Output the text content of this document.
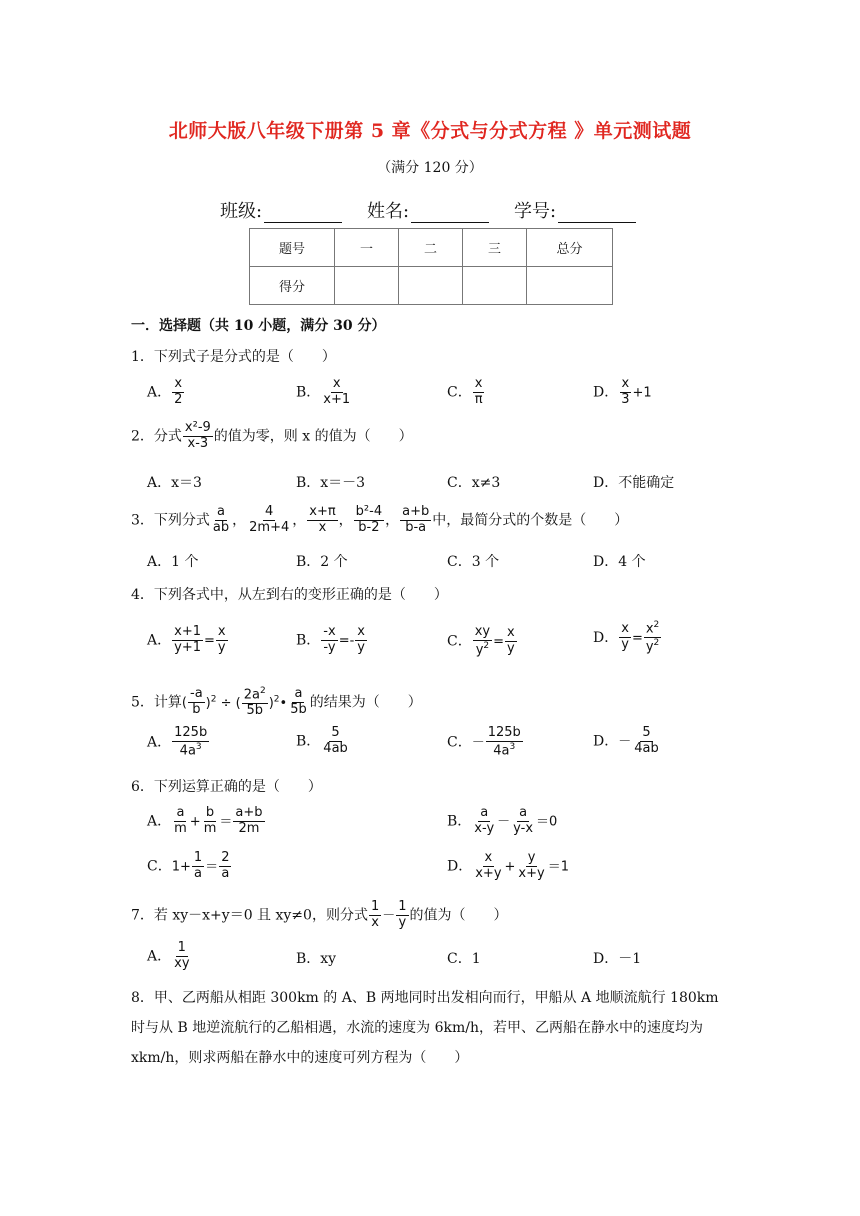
北师大版八年级下册第 5 章《分式与分式方程 》单元测试题
（满分 120 分）
班级:	姓名:	学号:
题号	一	二	三	总分
得分				
一．选择题（共 10 小题，满分 30 分）
1．下列式子是分式的是（　　）
A． $\frac{x}{2}$	B． $\frac{x}{x+1}$	C． $\frac{x}{\pi}$	D． $\frac{x}{3} +1$
2．分式 $\frac{\text{x²-9}}{x-3}$ 的值为零，则 x 的值为（　　）
A．x＝3	B．x＝－3	C．x≠3	D．不能确定
3．下列分式 $\frac{a}{ab}$ ， $\frac{4}{2m+4}$ ， $\frac{x+\pi}{x}$ ， $\frac{\text{b²-4}}{b-2}$ ， $\frac{a+b}{b-a}$ 中，最简分式的个数是（　　）
A．1 个	B．2 个	C．3 个	D．4 个
4．下列各式中，从左到右的变形正确的是（　　）
A． $\frac{x+1}{y+1} = \frac{x}{y}$	B． $\frac{-x}{-y} =- \frac{x}{y}$	C． $\frac{xy}{y^2} = \frac{x}{y}$	D． $\frac{x}{y} = \frac{x^2}{y^2}$
5．计算( $\frac{-a}{b} )^2$ ÷ ( $\frac{2a^2}{5b}$ )$^2$• $\frac{a}{5b}$ 的结果为（　　）
A． $\frac{125b}{4a^3}$	B． $\frac{5}{4ab}$	C．－ $\frac{125b}{4a^3}$	D．－ $\frac{5}{4ab}$
6．下列运算正确的是（　　）
A． $\frac{a}{m} + \frac{b}{m} = \frac{a+b}{2m}$	B． $\frac{a}{x-y} - \frac{a}{y-x} =0$
C．$1+ \frac{1}{a} = \frac{2}{a}$	D． $\frac{x}{x+y} + \frac{y}{x+y} =1$
7．若 xy－x+y＝0 且 xy≠0，则分式 $\frac{1}{x} - \frac{1}{y}$ 的值为（　　）
A． $\frac{1}{xy}$	B．xy	C．1	D．－1
8．甲、乙两船从相距 300km 的 A、B 两地同时出发相向而行，甲船从 A 地顺流航行 180km 时与从 B 地逆流航行的乙船相遇，水流的速度为 6km/h，若甲、乙两船在静水中的速度均为 xkm/h，则求两船在静水中的速度可列方程为（　　）
